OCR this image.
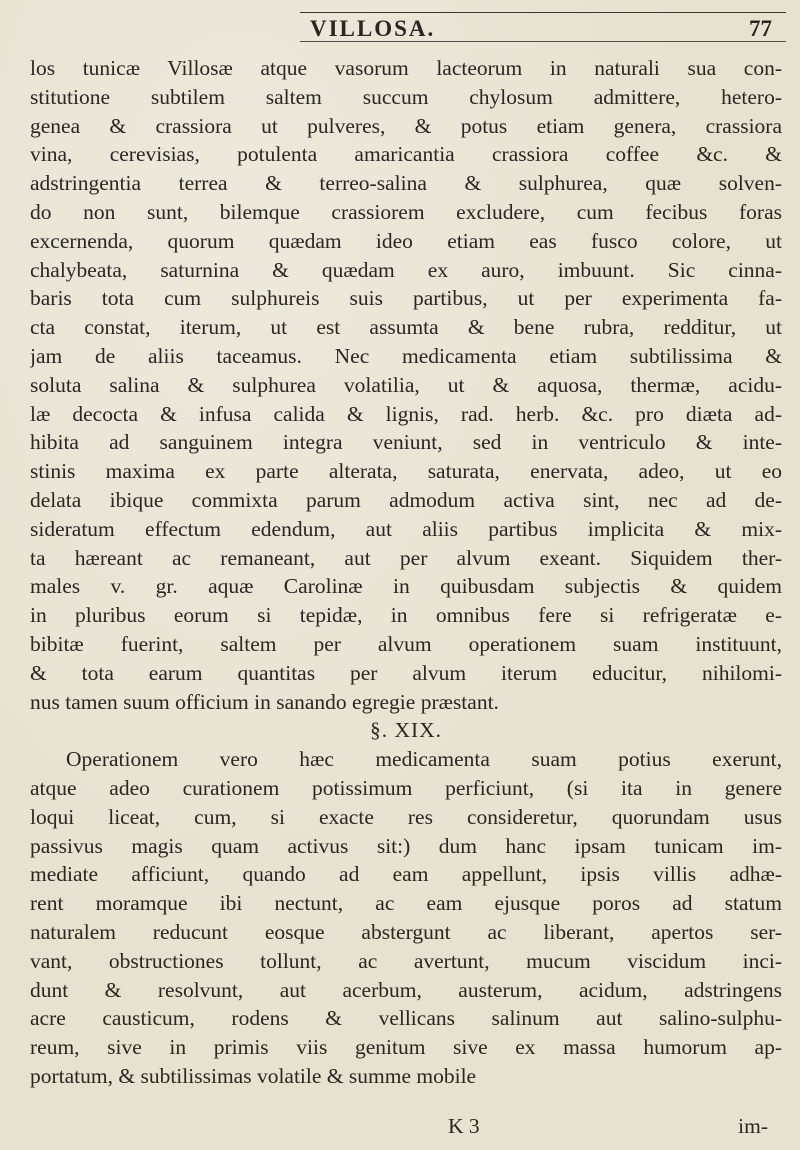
VILLOSA.	77
los tunicæ Villosæ atque vasorum lacteorum in naturali sua con-
stitutione subtilem saltem succum chylosum admittere, hetero-
genea & crassiora ut pulveres, & potus etiam genera, crassiora
vina, cerevisias, potulenta amaricantia crassiora coffee &c. &
adstringentia terrea & terreo-salina & sulphurea, quæ solven-
do non sunt, bilemque crassiorem excludere, cum fecibus foras
excernenda, quorum quædam ideo etiam eas fusco colore, ut
chalybeata, saturnina & quædam ex auro, imbuunt. Sic cinna-
baris tota cum sulphureis suis partibus, ut per experimenta fa-
cta constat, iterum, ut est assumta & bene rubra, redditur, ut
jam de aliis taceamus. Nec medicamenta etiam subtilissima &
soluta salina & sulphurea volatilia, ut & aquosa, thermæ, acidu-
læ decocta & infusa calida & lignis, rad. herb. &c. pro diæta ad-
hibita ad sanguinem integra veniunt, sed in ventriculo & inte-
stinis maxima ex parte alterata, saturata, enervata, adeo, ut eo
delata ibique commixta parum admodum activa sint, nec ad de-
sideratum effectum edendum, aut aliis partibus implicita & mix-
ta hæreant ac remaneant, aut per alvum exeant. Siquidem ther-
males v. gr. aquæ Carolinæ in quibusdam subjectis & quidem
in pluribus eorum si tepidæ, in omnibus fere si refrigeratæ e-
bibitæ fuerint, saltem per alvum operationem suam instituunt,
& tota earum quantitas per alvum iterum educitur, nihilomi-
nus tamen suum officium in sanando egregie præstant.
§. XIX.
Operationem vero hæc medicamenta suam potius exerunt,
atque adeo curationem potissimum perficiunt, (si ita in genere
loqui liceat, cum, si exacte res consideretur, quorundam usus
passivus magis quam activus sit:) dum hanc ipsam tunicam im-
mediate afficiunt, quando ad eam appellunt, ipsis villis adhæ-
rent moramque ibi nectunt, ac eam ejusque poros ad statum
naturalem reducunt eosque abstergunt ac liberant, apertos ser-
vant, obstructiones tollunt, ac avertunt, mucum viscidum inci-
dunt & resolvunt, aut acerbum, austerum, acidum, adstringens
acre causticum, rodens & vellicans salinum aut salino-sulphu-
reum, sive in primis viis genitum sive ex massa humorum ap-
portatum, & subtilissimas volatile & summe mobile
K 3	im-
